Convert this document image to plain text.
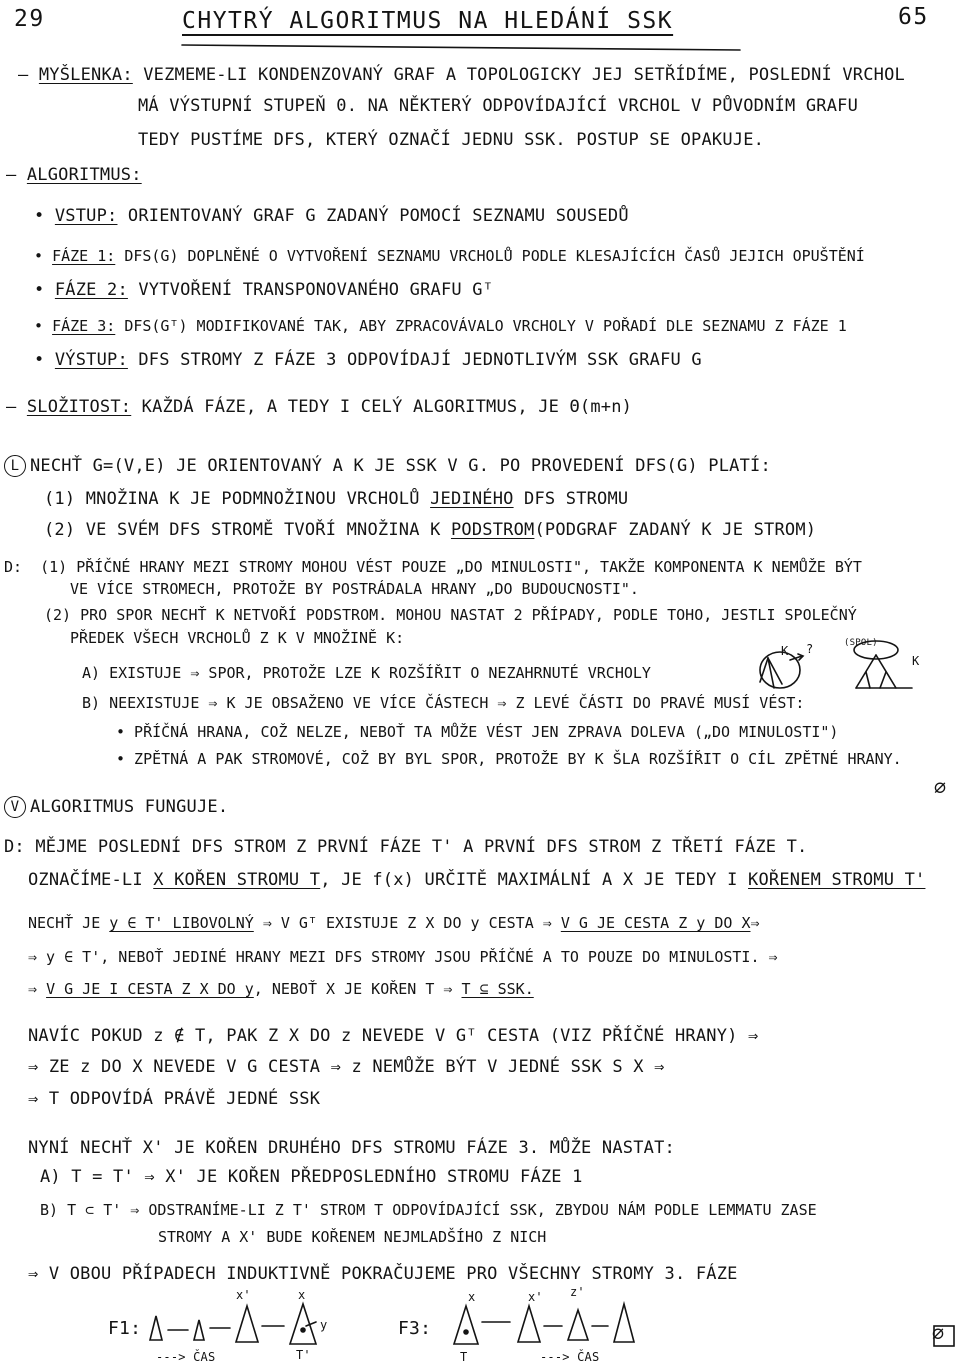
29	CHYTRÝ ALGORITMUS NA HLEDÁNÍ SSK	65
– MYŠLENKA: VEZMEME-LI KONDENZOVANÝ GRAF A TOPOLOGICKY JEJ SETŘÍDÍME, POSLEDNÍ VRCHOL
MÁ VÝSTUPNÍ STUPEŇ 0. NA NĚKTERÝ ODPOVÍDAJÍCÍ VRCHOL V PŮVODNÍM GRAFU
TEDY PUSTÍME DFS, KTERÝ OZNAČÍ JEDNU SSK. POSTUP SE OPAKUJE.
– ALGORITMUS:
• VSTUP: ORIENTOVANÝ GRAF G ZADANÝ POMOCÍ SEZNAMU SOUSEDŮ
• FÁZE 1: DFS(G) DOPLNĚNÉ O VYTVOŘENÍ SEZNAMU VRCHOLŮ PODLE KLESAJÍCÍCH ČASŮ JEJICH OPUŠTĚNÍ
• FÁZE 2: VYTVOŘENÍ TRANSPONOVANÉHO GRAFU Gᵀ
• FÁZE 3: DFS(Gᵀ) MODIFIKOVANÉ TAK, ABY ZPRACOVÁVALO VRCHOLY V POŘADÍ DLE SEZNAMU Z FÁZE 1
• VÝSTUP: DFS STROMY Z FÁZE 3 ODPOVÍDAJÍ JEDNOTLIVÝM SSK GRAFU G
– SLOŽITOST: KAŽDÁ FÁZE, A TEDY I CELÝ ALGORITMUS, JE Θ(m+n)
L NECHŤ G=(V,E) JE ORIENTOVANÝ A K JE SSK V G. PO PROVEDENÍ DFS(G) PLATÍ:
(1) MNOŽINA K JE PODMNOŽINOU VRCHOLŮ JEDINÉHO DFS STROMU
(2) VE SVÉM DFS STROMĚ TVOŘÍ MNOŽINA K PODSTROM(PODGRAF ZADANÝ K JE STROM)
D: (1) PŘÍČNÉ HRANY MEZI STROMY MOHOU VÉST POUZE „DO MINULOSTI", TAKŽE KOMPONENTA K NEMŮŽE BÝT
VE VÍCE STROMECH, PROTOŽE BY POSTRÁDALA HRANY „DO BUDOUCNOSTI".
(2) PRO SPOR NECHŤ K NETVOŘÍ PODSTROM. MOHOU NASTAT 2 PŘÍPADY, PODLE TOHO, JESTLI SPOLEČNÝ
PŘEDEK VŠECH VRCHOLŮ Z K V MNOŽINĚ K:
A) EXISTUJE ⇒ SPOR, PROTOŽE LZE K ROZŠÍŘIT O NEZAHRNUTÉ VRCHOLY
B) NEEXISTUJE ⇒ K JE OBSAŽENO VE VÍCE ČÁSTECH ⇒ Z LEVÉ ČÁSTI DO PRAVÉ MUSÍ VÉST:
• PŘÍČNÁ HRANA, COŽ NELZE, NEBOŤ TA MŮŽE VÉST JEN ZPRAVA DOLEVA („DO MINULOSTI")
• ZPĚTNÁ A PAK STROMOVÉ, COŽ BY BYL SPOR, PROTOŽE BY K ŠLA ROZŠÍŘIT O CÍL ZPĚTNÉ HRANY.
∅
K ?	(SPOL)
K
V ALGORITMUS FUNGUJE.
D: MĚJME POSLEDNÍ DFS STROM Z PRVNÍ FÁZE T' A PRVNÍ DFS STROM Z TŘETÍ FÁZE T.
OZNAČÍME-LI X KOŘEN STROMU T, JE f(x) URČITĚ MAXIMÁLNÍ A X JE TEDY I KOŘENEM STROMU T'
NECHŤ JE y ∈ T' LIBOVOLNÝ ⇒ V Gᵀ EXISTUJE Z X DO y CESTA ⇒ V G JE CESTA Z y DO X⇒
⇒ y ∈ T', NEBOŤ JEDINÉ HRANY MEZI DFS STROMY JSOU PŘÍČNÉ A TO POUZE DO MINULOSTI. ⇒
⇒ V G JE I CESTA Z X DO y, NEBOŤ X JE KOŘEN T ⇒ T ⊆ SSK.
NAVÍC POKUD z ∉ T, PAK Z X DO z NEVEDE V Gᵀ CESTA (VIZ PŘÍČNÉ HRANY) ⇒
⇒ ZE z DO X NEVEDE V G CESTA ⇒ z NEMŮŽE BÝT V JEDNÉ SSK S X ⇒
⇒ T ODPOVÍDÁ PRÁVĚ JEDNÉ SSK
NYNÍ NECHŤ X' JE KOŘEN DRUHÉHO DFS STROMU FÁZE 3. MŮŽE NASTAT:
A) T = T' ⇒ X' JE KOŘEN PŘEDPOSLEDNÍHO STROMU FÁZE 1
B) T ⊂ T' ⇒ ODSTRANÍME-LI Z T' STROM T ODPOVÍDAJÍCÍ SSK, ZBYDOU NÁM PODLE LEMMATU ZASE
STROMY A X' BUDE KOŘENEM NEJMLADŠÍHO Z NICH
⇒ V OBOU PŘÍPADECH INDUKTIVNĚ POKRAČUJEME PRO VŠECHNY STROMY 3. FÁZE
F1:	F3:
x'	x
y
T'
---> ČAS
x	x' z'
T	---> ČAS
∅
